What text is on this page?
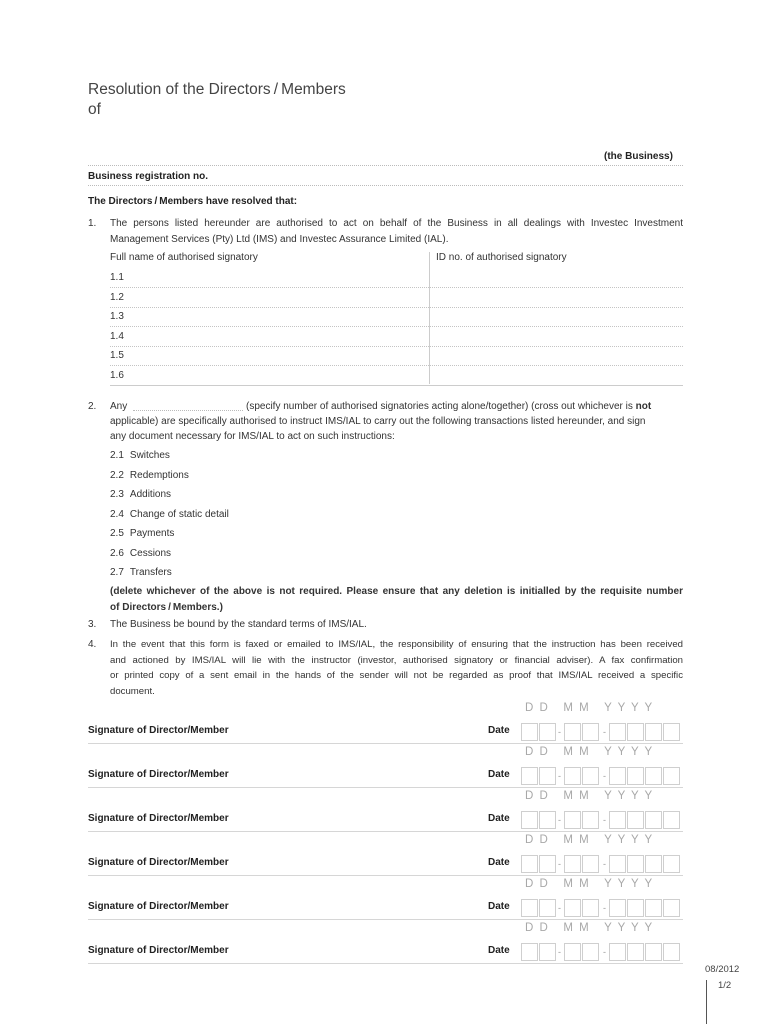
Resolution of the Directors / Members
of
(the Business)
Business registration no.
The Directors / Members have resolved that:
1. The persons listed hereunder are authorised to act on behalf of the Business in all dealings with Investec Investment
Management Services (Pty) Ltd (IMS) and Investec Assurance Limited (IAL).
Full name of authorised signatory	ID no. of authorised signatory
1.1
1.2
1.3
1.4
1.5
1.6
2. Any	(specify number of authorised signatories acting alone/together) (cross out whichever is not
applicable) are specifically authorised to instruct IMS/IAL to carry out the following transactions listed hereunder, and sign
any document necessary for IMS/IAL to act on such instructions:
2.1 Switches
2.2 Redemptions
2.3 Additions
2.4 Change of static detail
2.5 Payments
2.6 Cessions
2.7 Transfers
(delete whichever of the above is not required. Please ensure that any deletion is initialled by the requisite number
of Directors / Members.)
3. The Business be bound by the standard terms of IMS/IAL.
4. In the event that this form is faxed or emailed to IMS/IAL, the responsibility of ensuring that the instruction has been received
and actioned by IMS/IAL will lie with the instructor (investor, authorised signatory or financial adviser). A fax confirmation
or printed copy of a sent email in the hands of the sender will not be regarded as proof that IMS/IAL received a specific
document.
Signature of Director/Member	Date
D D   M M   Y Y Y Y
-	-
Signature of Director/Member	Date
D D   M M   Y Y Y Y
-	-
Signature of Director/Member	Date
D D   M M   Y Y Y Y
-	-
Signature of Director/Member	Date
D D   M M   Y Y Y Y
-	-
Signature of Director/Member	Date
D D   M M   Y Y Y Y
-	-
Signature of Director/Member	Date
D D   M M   Y Y Y Y
-	-
08/2012
1/2
